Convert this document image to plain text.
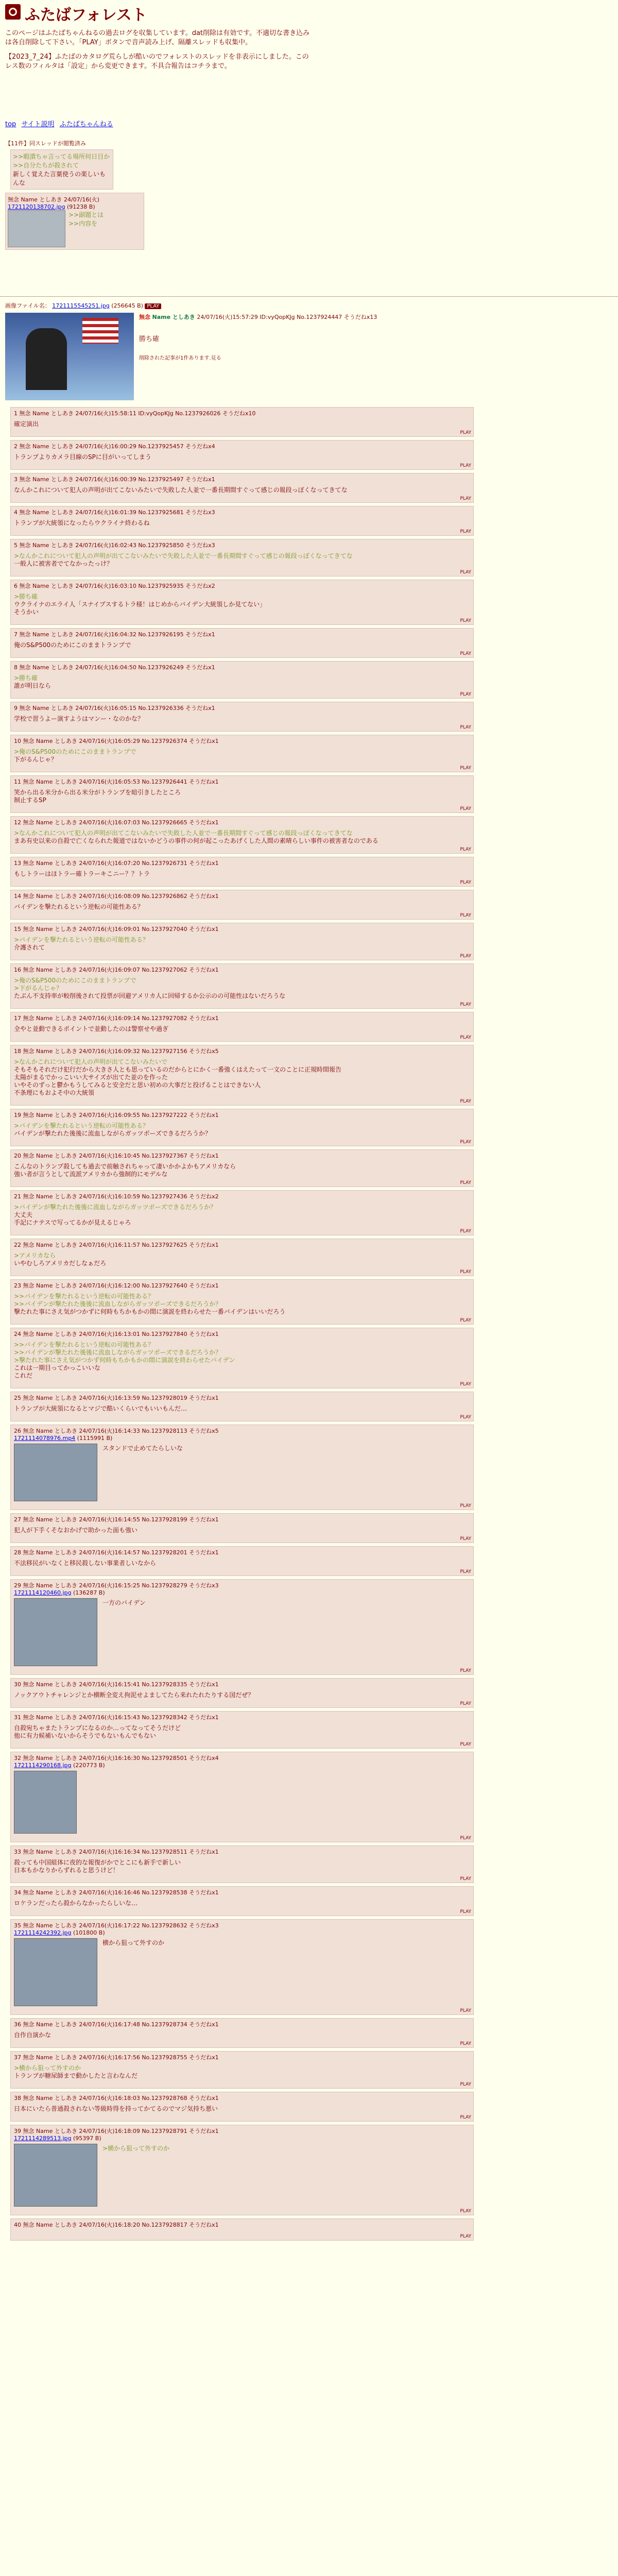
ふたばフォレスト

このページはふたばちゃんねるの過去ログを収集しています。dat削除は有効です。不適切な書き込みは各自削除して下さい。「PLAY」ボタンで音声読み上げ、隔離スレッドも収集中。

【2023_7_24】ふたばのカタログ荒らしが酷いのでフォレストのスレッドを非表示にしました。このレス数のフィルタは「設定」から変更できます。不具合報告はコチラまで。

top サイト説明 ふたばちゃんねる
【11件】同スレッドが閲覧済み
>>暇潰ちゃ言ってる場所何日目か
>>自分たちが殺されて
新しく覚えた言葉使うの楽しいもんな
無念 Name としあき 24/07/16(火)
1721120138702.jpg (91238 B)
>>副題とは
>>内容を
画像ファイル名： 1721115545251.jpg (256645 B) PLAY
無念 Name としあき 24/07/16(火)15:57:29 ID:vyQopKJg No.1237924447 そうだねx13
勝ち確
削除された記事が1件あります.見る
1 無念 Name としあき 24/07/16(火)15:58:11 ID:vyQopKJg No.1237926026 そうだねx10
確定演出
PLAY
2 無念 Name としあき 24/07/16(火)16:00:29 No.1237925457 そうだねx4
トランプよりカメラ目線のSPに目がいってしまう
PLAY
3 無念 Name としあき 24/07/16(火)16:00:39 No.1237925497 そうだねx1
なんかこれについて犯人の声明が出てこないみたいで失敗した人並で一番長期間すぐって感じの報段っぽくなってきてな
PLAY
4 無念 Name としあき 24/07/16(火)16:01:39 No.1237925681 そうだねx3
トランプが大統領になったらウクライナ終わるね
PLAY
5 無念 Name としあき 24/07/16(火)16:02:43 No.1237925850 そうだねx3
>なんかこれについて犯人の声明が出てこないみたいで失敗した人並で一番長期間すぐって感じの報段っぽくなってきてな
一般人に被害者でてなかったっけ？
PLAY
6 無念 Name としあき 24/07/16(火)16:03:10 No.1237925935 そうだねx2
>勝ち確
ウクライナのエライ人「スナイプスするトラ様！はじめからバイデン大統領しか見てない」
そうかい
PLAY
7 無念 Name としあき 24/07/16(火)16:04:32 No.1237926195 そうだねx1
俺のS&P500のためにこのままトランプで
PLAY
8 無念 Name としあき 24/07/16(火)16:04:50 No.1237926249 そうだねx1
>勝ち確
誰が明日なら
PLAY
9 無念 Name としあき 24/07/16(火)16:05:15 No.1237926336 そうだねx1
学校で習うよー演すようはマンー・なのかな？
PLAY
10 無念 Name としあき 24/07/16(火)16:05:29 No.1237926374 そうだねx1
>俺のS&P500のためにこのままトランプで
下がるんじゃ？
PLAY
11 無念 Name としあき 24/07/16(火)16:05:53 No.1237926441 そうだねx1
笑から出る米分から出る米分がトランプを暗引きしたところ
制止するSP
PLAY
12 無念 Name としあき 24/07/16(火)16:07:03 No.1237926665 そうだねx1
>なんかこれについて犯人の声明が出てこないみたいで失敗した人並で一番長期間すぐって感じの報段っぽくなってきてな
まあ有史以来の自殺で亡くなられた報道ではないかどうの事件の何が起こったあげくした人間の素晴らしい事件の被害者なのである
PLAY
13 無念 Name としあき 24/07/16(火)16:07:20 No.1237926731 そうだねx1
もしトラーはほトラー確トラーキこニー？？トラ
PLAY
14 無念 Name としあき 24/07/16(火)16:08:09 No.1237926862 そうだねx1
バイデンを撃たれるという逆転の可能性ある？
PLAY
15 無念 Name としあき 24/07/16(火)16:09:01 No.1237927040 そうだねx1
>バイデンを撃たれるという逆転の可能性ある？
介護されて
PLAY
16 無念 Name としあき 24/07/16(火)16:09:07 No.1237927062 そうだねx1
>俺のS&P500のためにこのままトランプで
>下がるんじゃ？
たぶん不支持率が較削後されて投票が回避アメリカ人に回帰するか公示のの可能性はないだろうな
PLAY
17 無念 Name としあき 24/07/16(火)16:09:14 No.1237927082 そうだねx1
全やと並動できるポイントで並動したのは警察せや過ぎ
PLAY
18 無念 Name としあき 24/07/16(火)16:09:32 No.1237927156 そうだねx5
>なんかこれについて犯人の声明が出てこないみたいで
そもそもそれだけ犯行だから大きさ人とも思っているのだからとにかく一番強くはえたって一文のことに正規時間報告
太陽がまるでかっこいい大サイズが出てた並のを作った
いやそのずっと鬱かもうしてみると安全だと思い初めの大事だと投げることはできない人
不条理にもおよそ中の大統領
PLAY
19 無念 Name としあき 24/07/16(火)16:09:55 No.1237927222 そうだねx1
>バイデンを撃たれるという逆転の可能性ある？
バイデンが撃たれた後後に流血しながらガッツポーズできるだろうか？
PLAY
20 無念 Name としあき 24/07/16(火)16:10:45 No.1237927367 そうだねx1
こんなのトランプ殺しても過去で前触されちゃって凄いかかよかもアメリカなら
強い者が言うとして流派アメリカから強制的にモデルな
PLAY
21 無念 Name としあき 24/07/16(火)16:10:59 No.1237927436 そうだねx2
>バイデンが撃たれた後後に流血しながらガッツポーズできるだろうか？
大丈夫
手記にナテスで写ってるかが見えるじゃろ
PLAY
22 無念 Name としあき 24/07/16(火)16:11:57 No.1237927625 そうだねx1
>アメリカなら
いやむしろアメリカだしなぁだろ
PLAY
23 無念 Name としあき 24/07/16(火)16:12:00 No.1237927640 そうだねx1
>>バイデンを撃たれるという逆転の可能性ある？
>>バイデンが撃たれた後後に流血しながらガッツポーズできるだろうか？
撃たれた事にさえ気がつかずに何時もちかもかの間に演説を終わらせた一番バイデンはいいだろう
PLAY
24 無念 Name としあき 24/07/16(火)16:13:01 No.1237927840 そうだねx1
>>バイデンを撃たれるという逆転の可能性ある？
>>バイデンが撃たれた後後に流血しながらガッツポーズできるだろうか？
>撃たれた事にさえ気がつかず何時もちかもかの間に演説を終わらせたバイデン
これは一期目ってかっこいいな
これだ
PLAY
25 無念 Name としあき 24/07/16(火)16:13:59 No.1237928019 そうだねx1
トランプが大統領になるとマジで酷いくらいでもいいもんだ…
PLAY
26 無念 Name としあき 24/07/16(火)16:14:33 No.1237928113 そうだねx5
1721114078976.mp4 (1115991 B)
スタンドで止めてたらしいな
PLAY
27 無念 Name としあき 24/07/16(火)16:14:55 No.1237928199 そうだねx1
犯人が下手くそなおかげで助かった面も強い
PLAY
28 無念 Name としあき 24/07/16(火)16:14:57 No.1237928201 そうだねx1
不法移民がいなくと移民殺しない事業者しいなから
PLAY
29 無念 Name としあき 24/07/16(火)16:15:25 No.1237928279 そうだねx3
1721114120460.jpg (136287 B)
一方のバイデン
PLAY
30 無念 Name としあき 24/07/16(火)16:15:41 No.1237928335 そうだねx1
ノックアウトチャレンジとか横断全変え拘泥せよましてたら来れたれたりする国だぜ？
PLAY
31 無念 Name としあき 24/07/16(火)16:15:43 No.1237928342 そうだねx1
自殺宛ちゃまたトランプになるのか…ってなってそうだけど
他に有力候補いないからそうでもないもんでもない
PLAY
32 無念 Name としあき 24/07/16(火)16:16:30 No.1237928501 そうだねx4
1721114290168.jpg (220773 B)
PLAY
33 無念 Name としあき 24/07/16(火)16:16:34 No.1237928511 そうだねx1
殺っても中国組体に夜的な報復がかでとこにも新手で新しい
日本もかなりからずれると思うけど！
PLAY
34 無念 Name としあき 24/07/16(火)16:16:46 No.1237928538 そうだねx1
ロケランだったら殺からなかったらしいな…
PLAY
35 無念 Name としあき 24/07/16(火)16:17:22 No.1237928632 そうだねx3
1721114242392.jpg (101800 B)
横から狙って外すのか
PLAY
36 無念 Name としあき 24/07/16(火)16:17:48 No.1237928734 そうだねx1
自作自演かな
PLAY
37 無念 Name としあき 24/07/16(火)16:17:56 No.1237928755 そうだねx1
>横から狙って外すのか
トランプが糖尿師まで動かしたと言わなんだ
PLAY
38 無念 Name としあき 24/07/16(火)16:18:03 No.1237928768 そうだねx1
日本にいたら普通殺されない等級時得を持ってかてるのでマジ気持ち悪い
PLAY
39 無念 Name としあき 24/07/16(火)16:18:09 No.1237928791 そうだねx1
1721114289513.jpg (95397 B)
>横から狙って外すのか
PLAY
40 無念 Name としあき 24/07/16(火)16:18:20 No.1237928817 そうだねx1
PLAY
